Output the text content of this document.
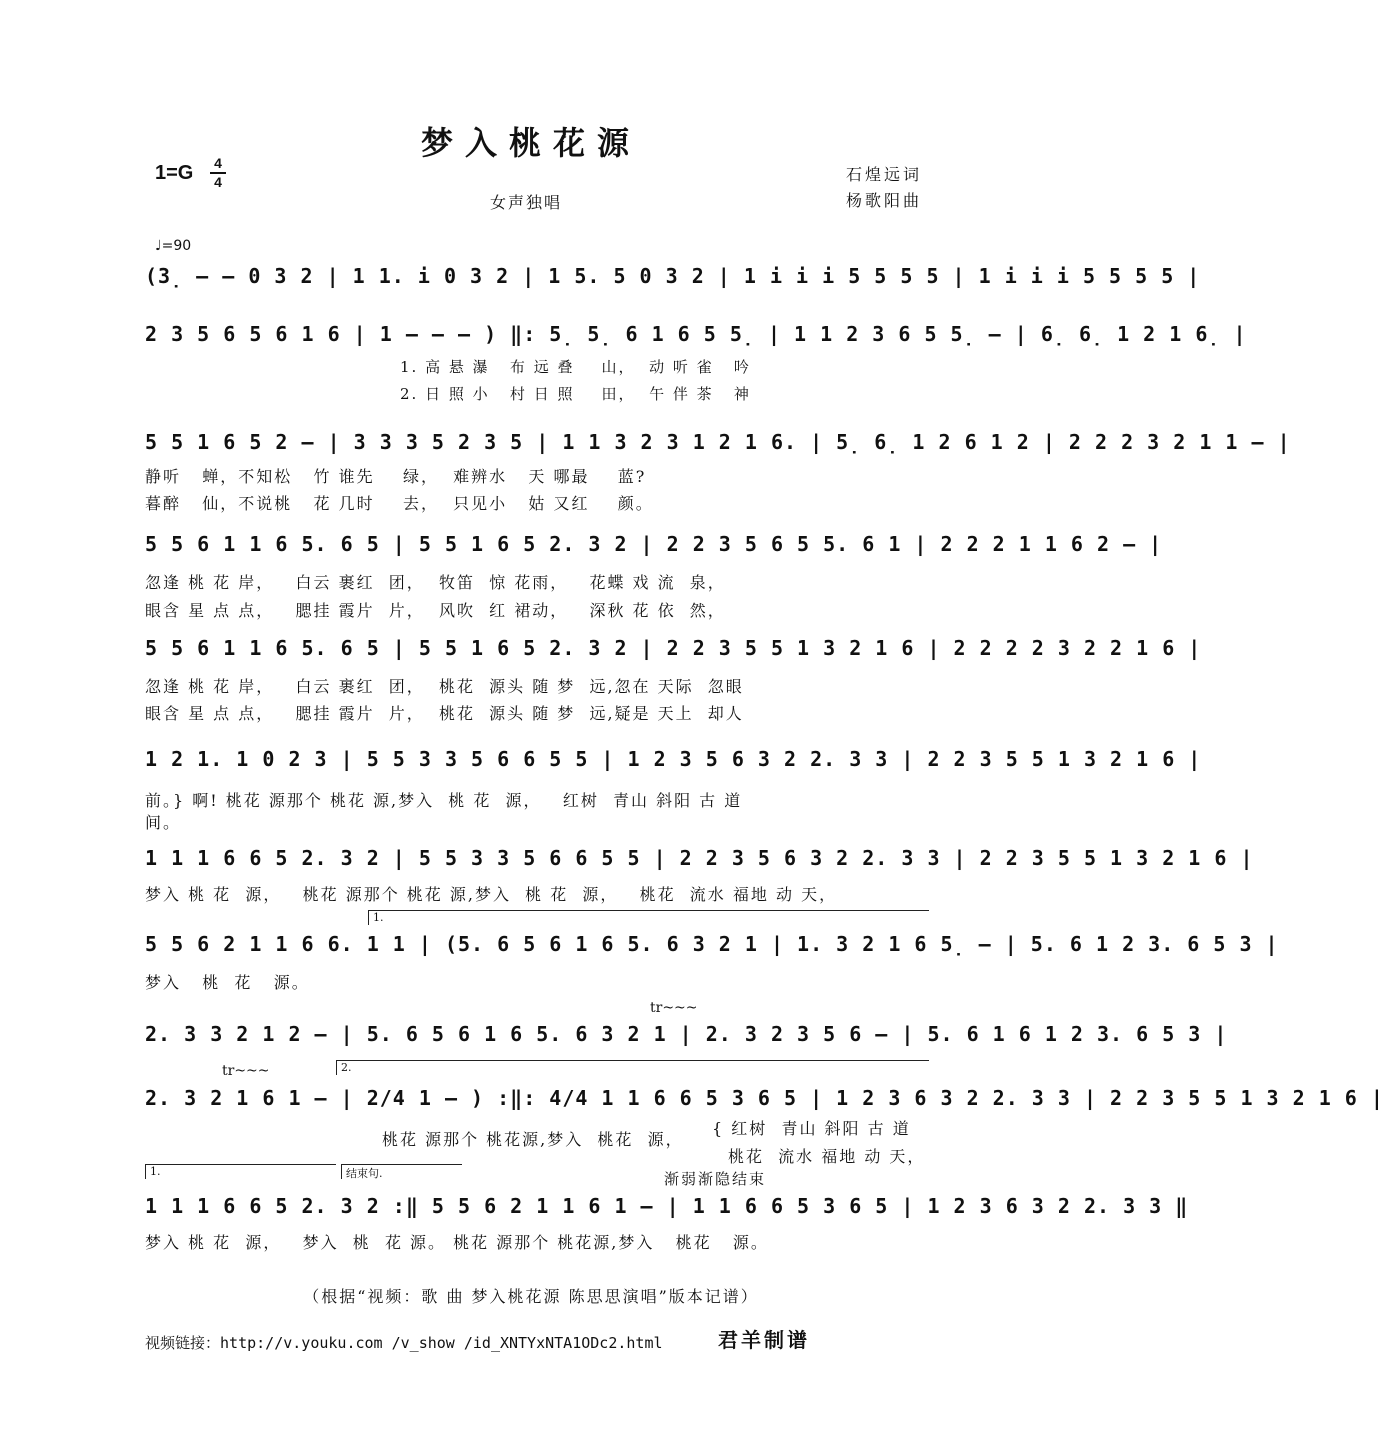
梦入桃花源
1=G 4
4
女声独唱
石煌远词
杨歌阳曲
♩=90
(3̣ – – 0 3 2 | 1 1. i 0 3 2 | 1 5. 5 0 3 2 | 1 i i i 5 5 5 5 | 1 i i i 5 5 5 5 |
2 3 5 6 5 6 1 6 | 1 – – – ) ‖: 5̣ 5̣ 6 1 6 5 5̣ | 1 1 2 3 6 5 5̣ – | 6̣ 6̣ 1 2 1 6̣ |
1. 高 悬 瀑   布 远 叠    山，  动 听 雀   吟
2. 日 照 小   村 日 照    田，  午 伴 茶   神
5 5 1 6 5 2 – | 3 3 3 5 2 3 5 | 1 1 3 2 3 1 2 1 6. | 5̣ 6̣ 1 2 6 1 2 | 2 2 2 3 2 1 1 – |
静听   蝉，不知松   竹 谁先    绿，  难辨水   天 哪最    蓝?
暮醉   仙，不说桃   花 几时    去，  只见小   姑 又红    颜。
5 5 6 1 1 6 5. 6 5 | 5 5 1 6 5 2. 3 2 | 2 2 3 5 6 5 5. 6 1 | 2 2 2 1 1 6 2 – |
忽逢 桃 花 岸，   白云 裹红  团，  牧笛  惊 花雨，   花蝶 戏 流  泉，
眼含 星 点 点，   腮挂 霞片  片，  风吹  红 裙动，   深秋 花 依  然，
5 5 6 1 1 6 5. 6 5 | 5 5 1 6 5 2. 3 2 | 2 2 3 5 5 1 3 2 1 6 | 2 2 2 2 3 2 2 1 6 |
忽逢 桃 花 岸，   白云 裹红  团，  桃花  源头 随 梦  远,忽在 天际  忽眼
眼含 星 点 点，   腮挂 霞片  片，  桃花  源头 随 梦  远,疑是 天上  却人
1 2 1. 1 0 2 3 | 5 5 3 3 5 6 6 5 5 | 1 2 3 5 6 3 2 2. 3 3 | 2 2 3 5 5 1 3 2 1 6 |
前。} 啊! 桃花 源那个 桃花 源,梦入  桃 花  源，   红树  青山 斜阳 古 道
间。
1 1 1 6 6 5 2. 3 2 | 5 5 3 3 5 6 6 5 5 | 2 2 3 5 6 3 2 2. 3 3 | 2 2 3 5 5 1 3 2 1 6 |
梦入 桃 花  源，   桃花 源那个 桃花 源,梦入  桃 花  源，   桃花  流水 福地 动 天，
1.
5 5 6 2 1 1 6 6. 1 1 | (5. 6 5 6 1 6 5. 6 3 2 1 | 1. 3 2 1 6 5̣ – | 5. 6 1 2 3. 6 5 3 |
梦入   桃  花   源。
tr~~~
2. 3 3 2 1 2 – | 5. 6 5 6 1 6 5. 6 3 2 1 | 2. 3 2 3 5 6 – | 5. 6 1 6 1 2 3. 6 5 3 |
2.
tr~~~
2. 3 2 1 6 1 – | 2/4 1 – ) :‖: 4/4 1 1 6 6 5 3 6 5 | 1 2 3 6 3 2 2. 3 3 | 2 2 3 5 5 1 3 2 1 6 |
桃花 源那个 桃花源,梦入  桃花  源，
{ 红树  青山 斜阳 古 道
桃花  流水 福地 动 天，
1.	结束句.	渐弱渐隐结束
1 1 1 6 6 5 2. 3 2 :‖ 5 5 6 2 1 1 6 1 – | 1 1 6 6 5 3 6 5 | 1 2 3 6 3 2 2. 3 3 ‖
梦入 桃 花  源，   梦入  桃  花 源。 桃花 源那个 桃花源,梦入   桃花   源。
（根据“视频：歌 曲 梦入桃花源 陈思思演唱”版本记谱）
视频链接：http://v.youku.com /v_show /id_XNTYxNTA1ODc2.html	君羊制谱
